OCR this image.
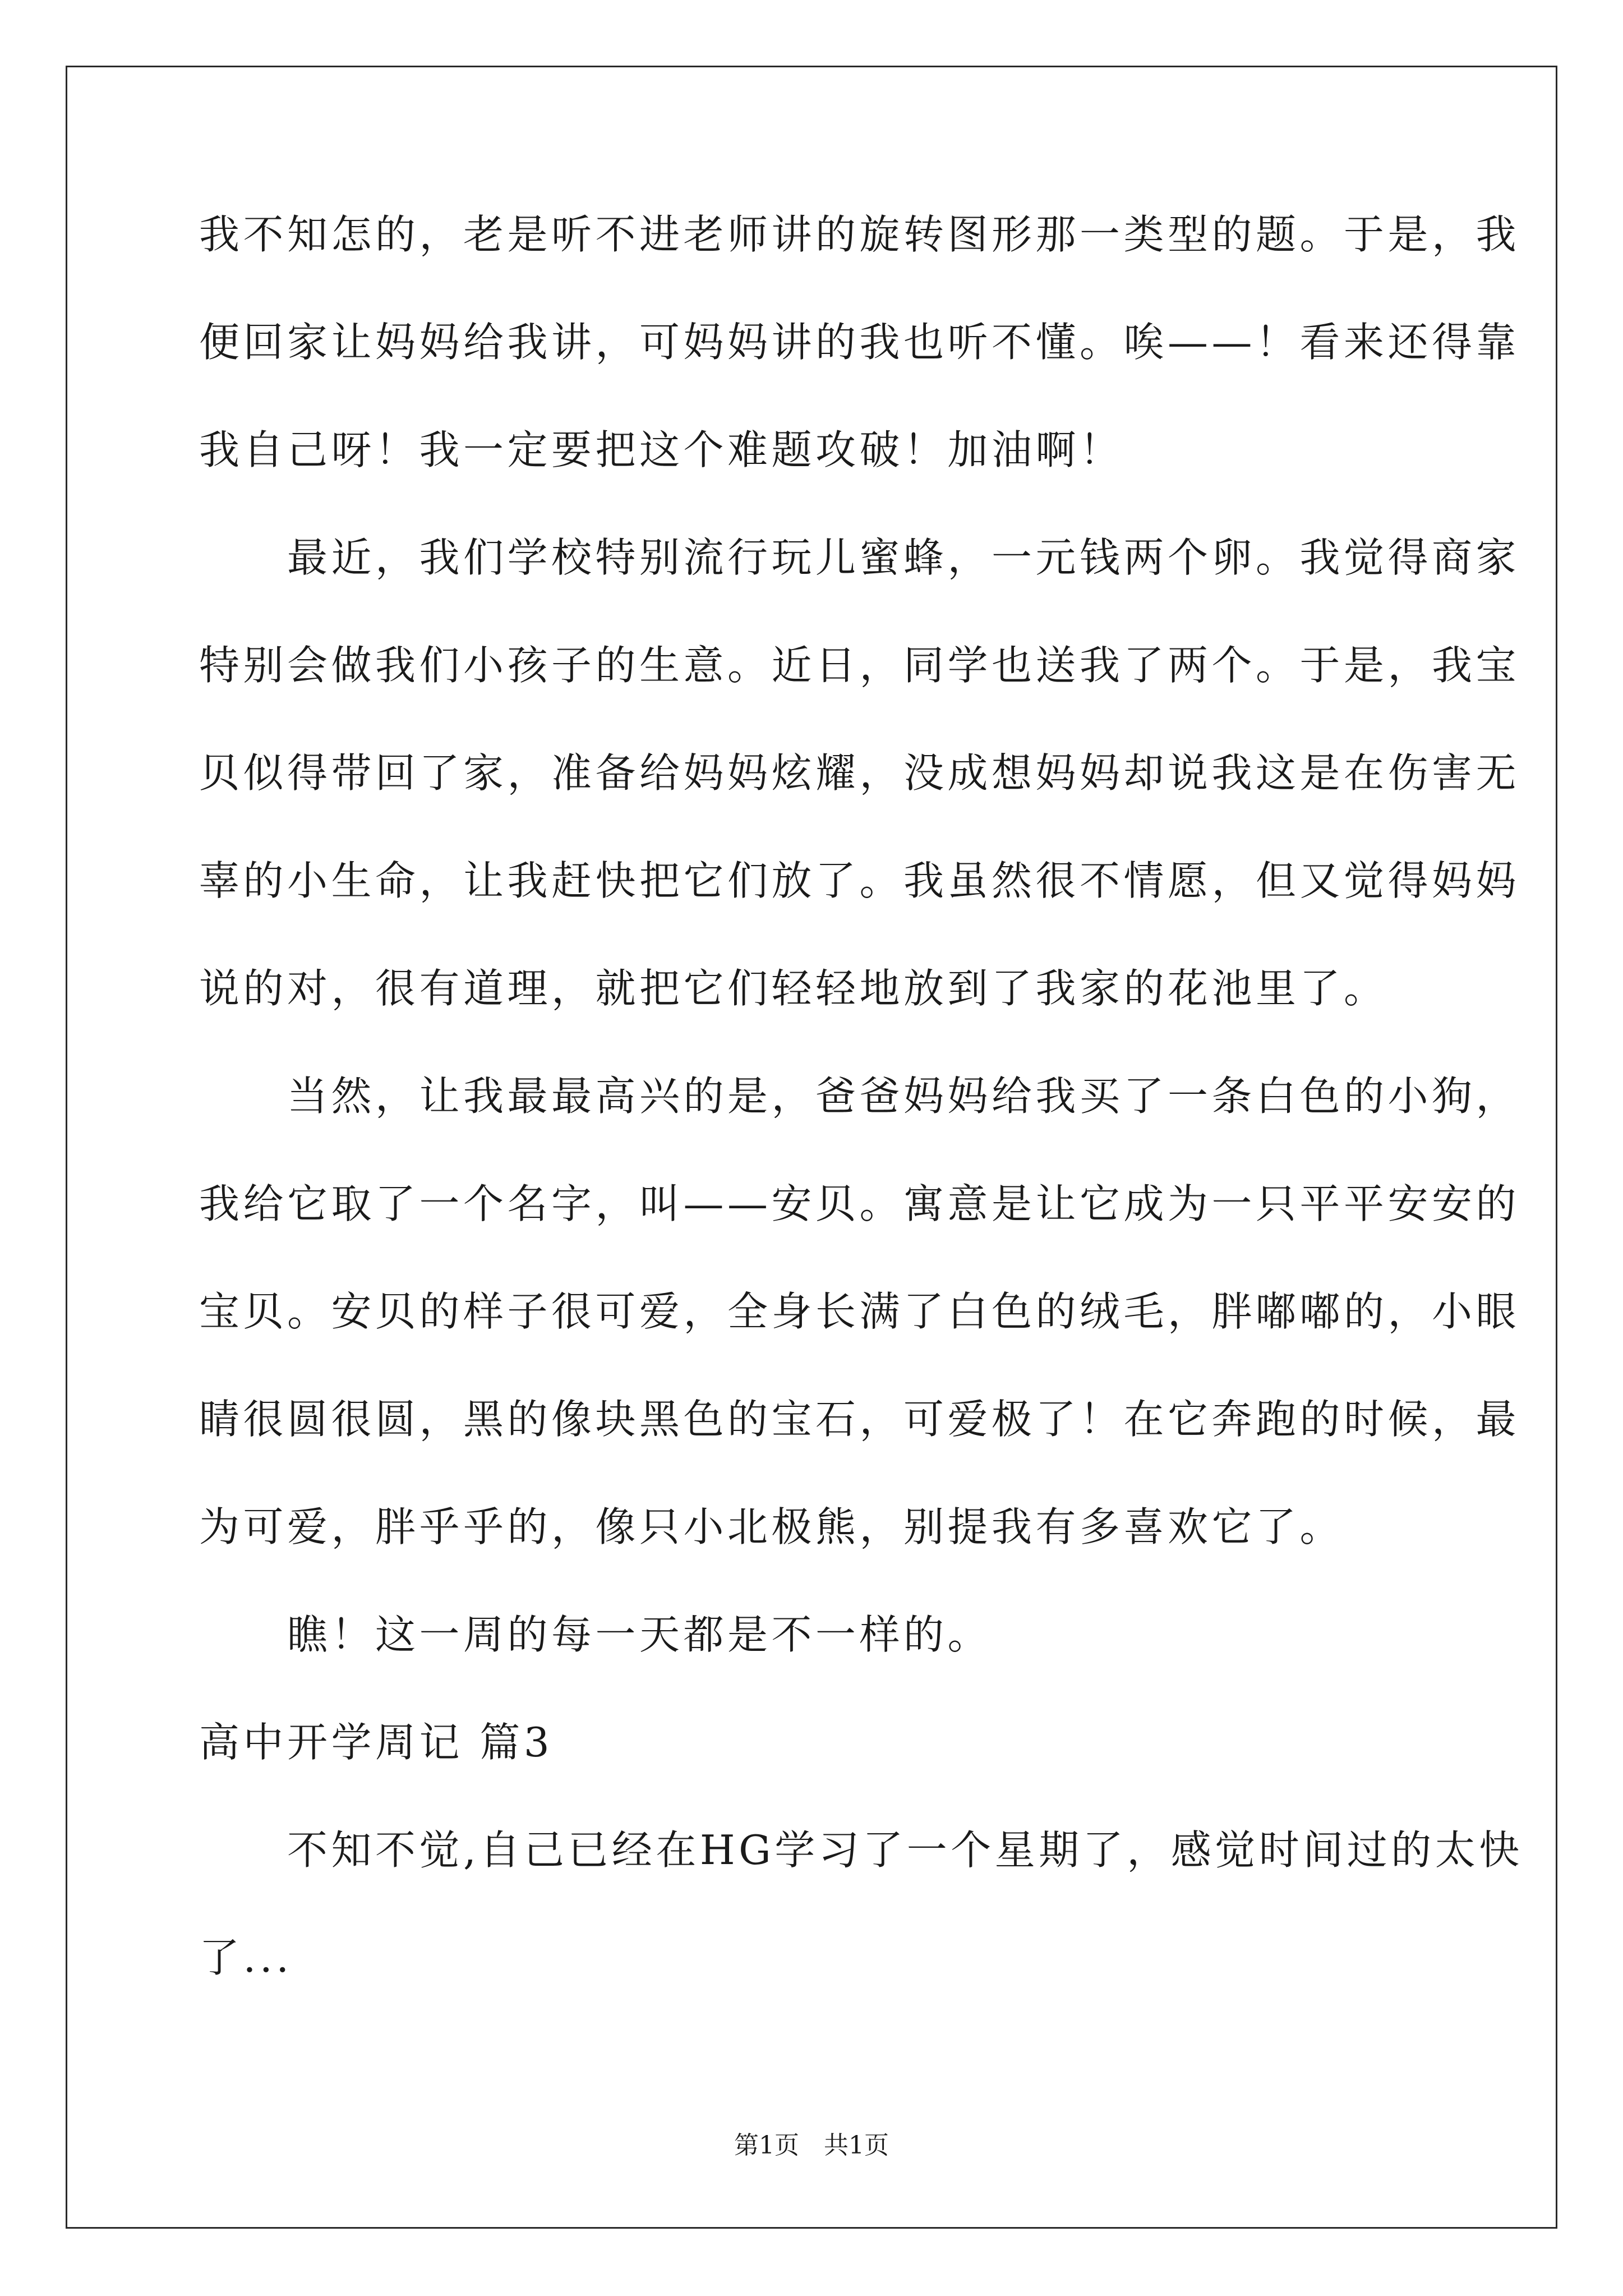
我不知怎的，老是听不进老师讲的旋转图形那一类型的题。于是，我
便回家让妈妈给我讲，可妈妈讲的我也听不懂。唉——！看来还得靠
我自己呀！我一定要把这个难题攻破！加油啊！
　　最近，我们学校特别流行玩儿蜜蜂，一元钱两个卵。我觉得商家
特别会做我们小孩子的生意。近日，同学也送我了两个。于是，我宝
贝似得带回了家，准备给妈妈炫耀，没成想妈妈却说我这是在伤害无
辜的小生命，让我赶快把它们放了。我虽然很不情愿，但又觉得妈妈
说的对，很有道理，就把它们轻轻地放到了我家的花池里了。
　　当然，让我最最高兴的是，爸爸妈妈给我买了一条白色的小狗，
我给它取了一个名字，叫——安贝。寓意是让它成为一只平平安安的
宝贝。安贝的样子很可爱，全身长满了白色的绒毛，胖嘟嘟的，小眼
睛很圆很圆，黑的像块黑色的宝石，可爱极了！在它奔跑的时候，最
为可爱，胖乎乎的，像只小北极熊，别提我有多喜欢它了。
　　瞧！这一周的每一天都是不一样的。
高中开学周记 篇3
　　不知不觉,自己已经在HG学习了一个星期了，感觉时间过的太快
了...
第1页　共1页
